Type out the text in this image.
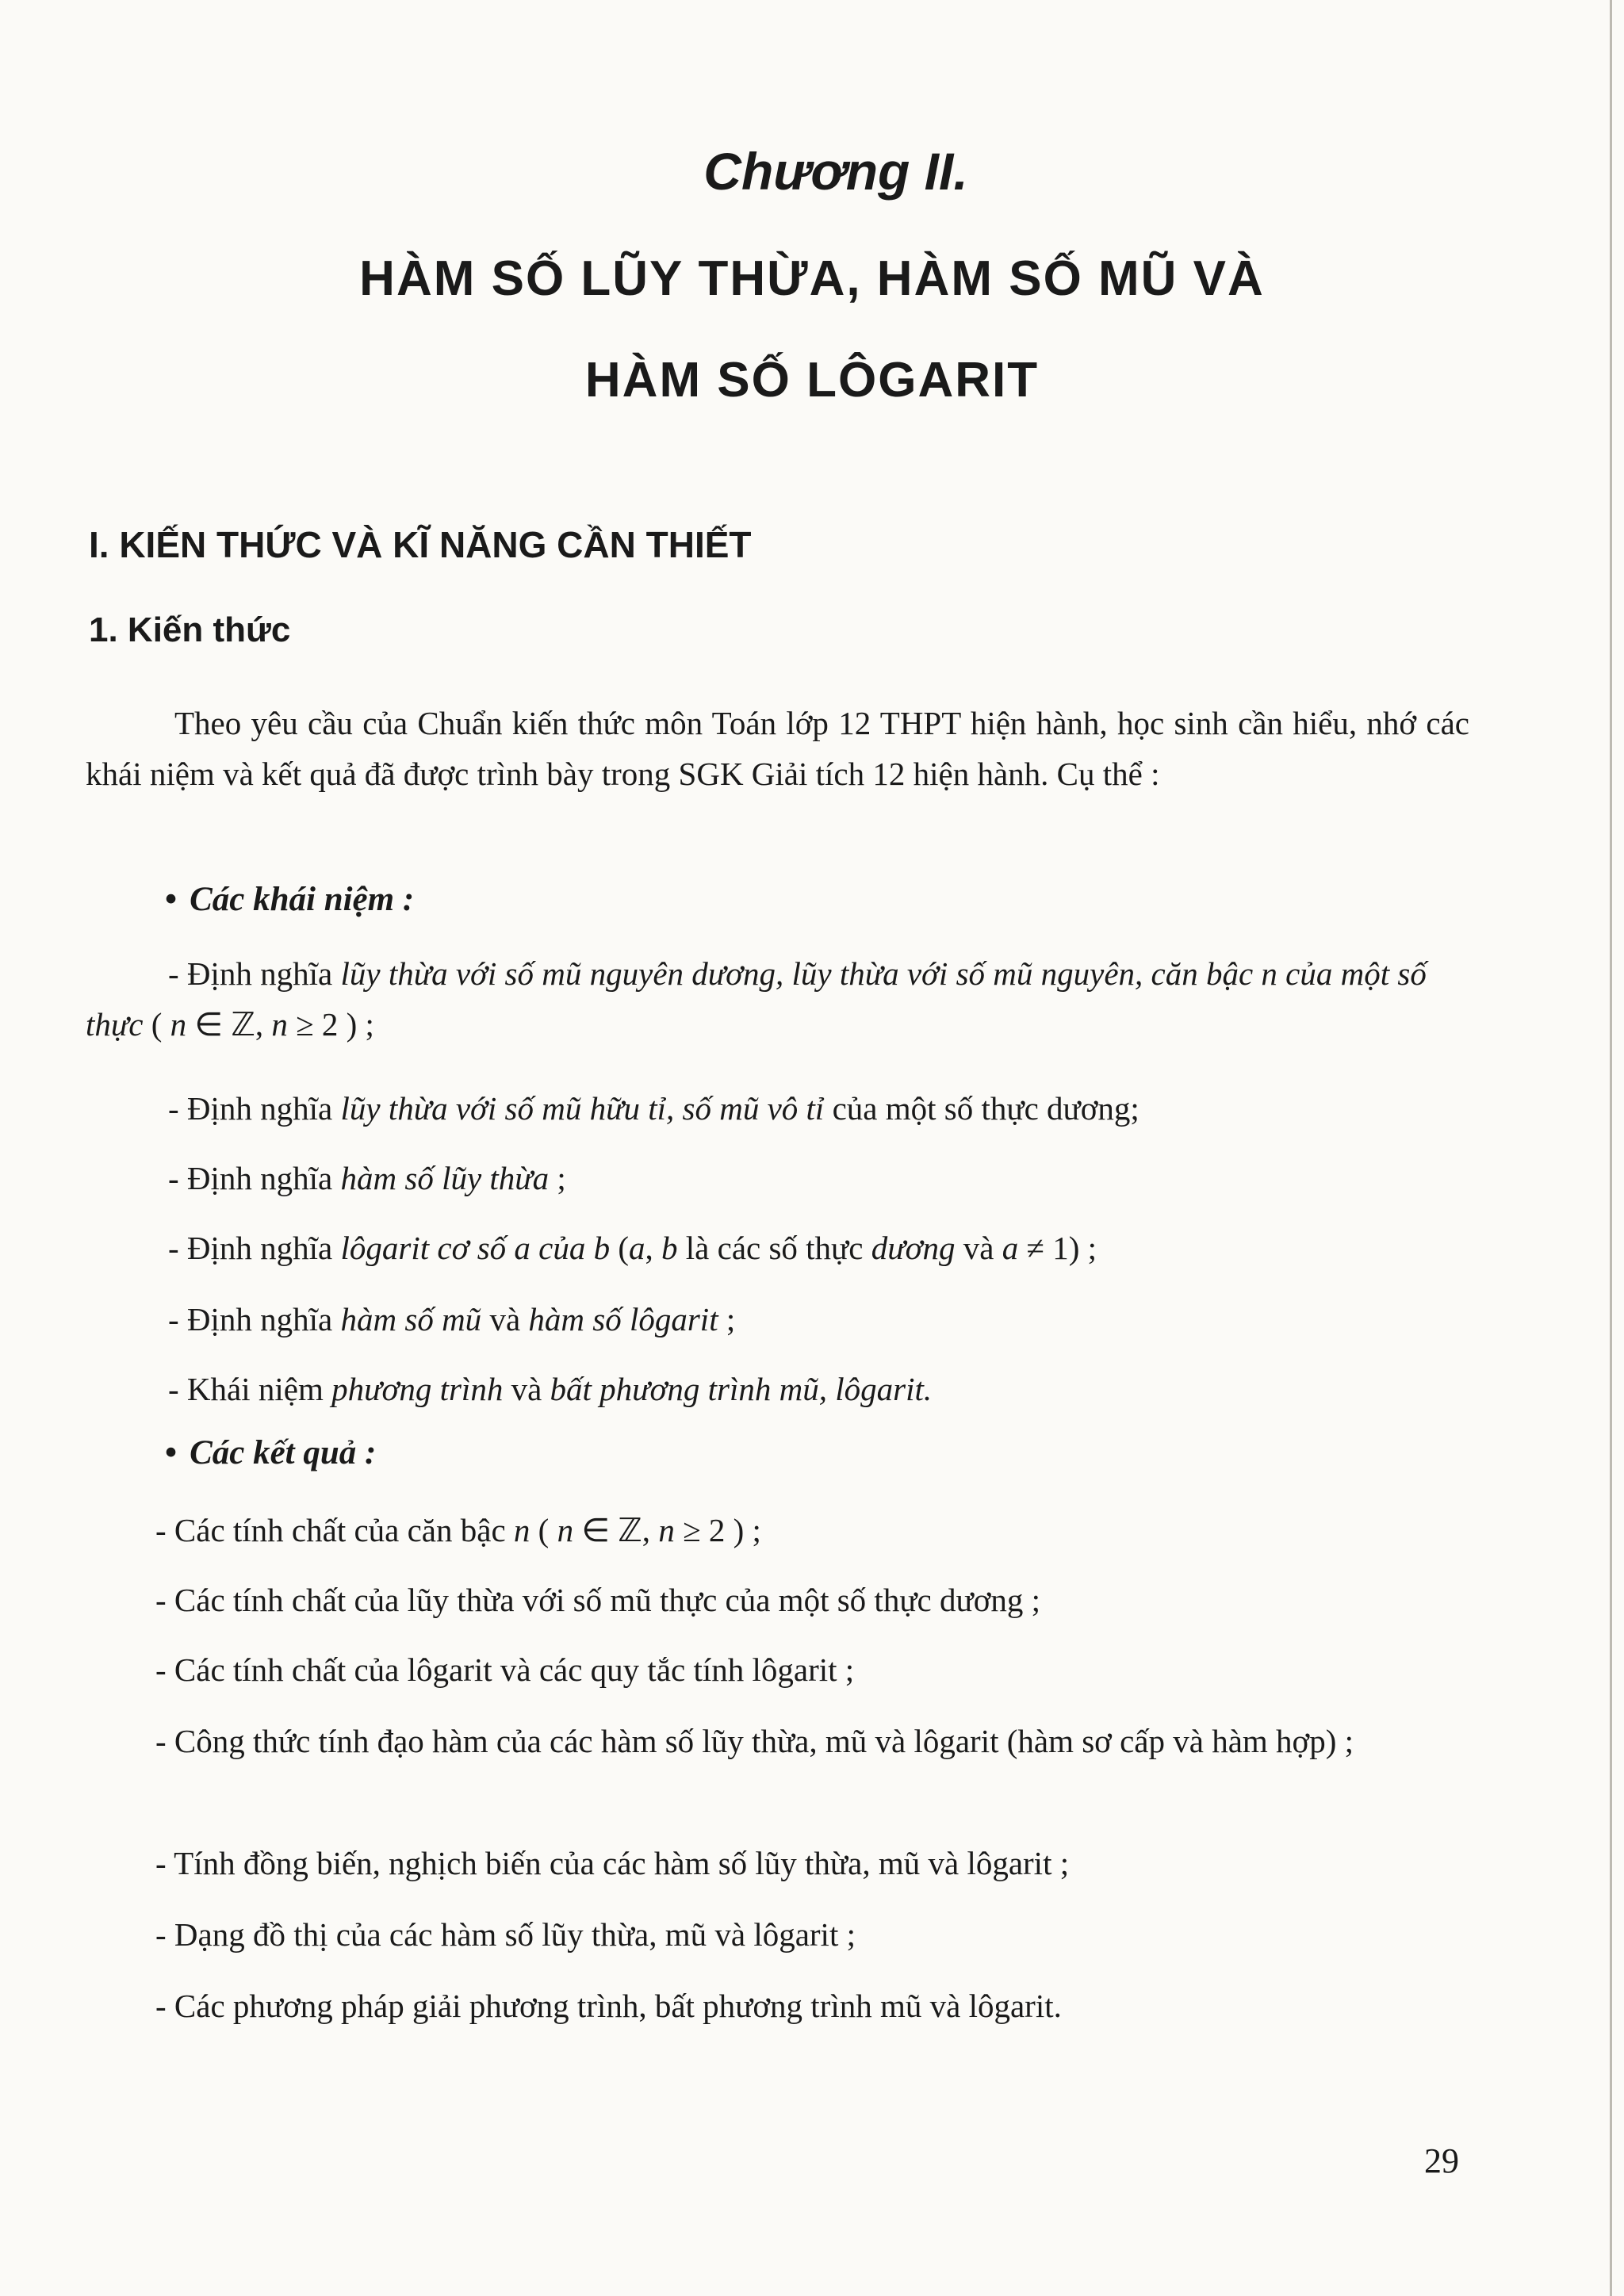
Chương II.
HÀM SỐ LŨY THỪA, HÀM SỐ MŨ VÀ
HÀM SỐ LÔGARIT
I. KIẾN THỨC VÀ KĨ NĂNG CẦN THIẾT
1. Kiến thức

Theo yêu cầu của Chuẩn kiến thức môn Toán lớp 12 THPT hiện hành, học sinh cần hiểu, nhớ các khái niệm và kết quả đã được trình bày trong SGK Giải tích 12 hiện hành. Cụ thể :

• Các khái niệm :

- Định nghĩa lũy thừa với số mũ nguyên dương, lũy thừa với số mũ nguyên, căn bậc n của một số thực ( n ∈ ℤ, n ≥ 2 ) ;

- Định nghĩa lũy thừa với số mũ hữu tỉ, số mũ vô tỉ của một số thực dương;

- Định nghĩa hàm số lũy thừa ;

- Định nghĩa lôgarit cơ số a của b (a, b là các số thực dương và a ≠ 1) ;

- Định nghĩa hàm số mũ và hàm số lôgarit ;

- Khái niệm phương trình và bất phương trình mũ, lôgarit.

• Các kết quả :

- Các tính chất của căn bậc n ( n ∈ ℤ, n ≥ 2 ) ;

- Các tính chất của lũy thừa với số mũ thực của một số thực dương ;

- Các tính chất của lôgarit và các quy tắc tính lôgarit ;

- Công thức tính đạo hàm của các hàm số lũy thừa, mũ và lôgarit (hàm sơ cấp và hàm hợp) ;

- Tính đồng biến, nghịch biến của các hàm số lũy thừa, mũ và lôgarit ;

- Dạng đồ thị của các hàm số lũy thừa, mũ và lôgarit ;

- Các phương pháp giải phương trình, bất phương trình mũ và lôgarit.

29
